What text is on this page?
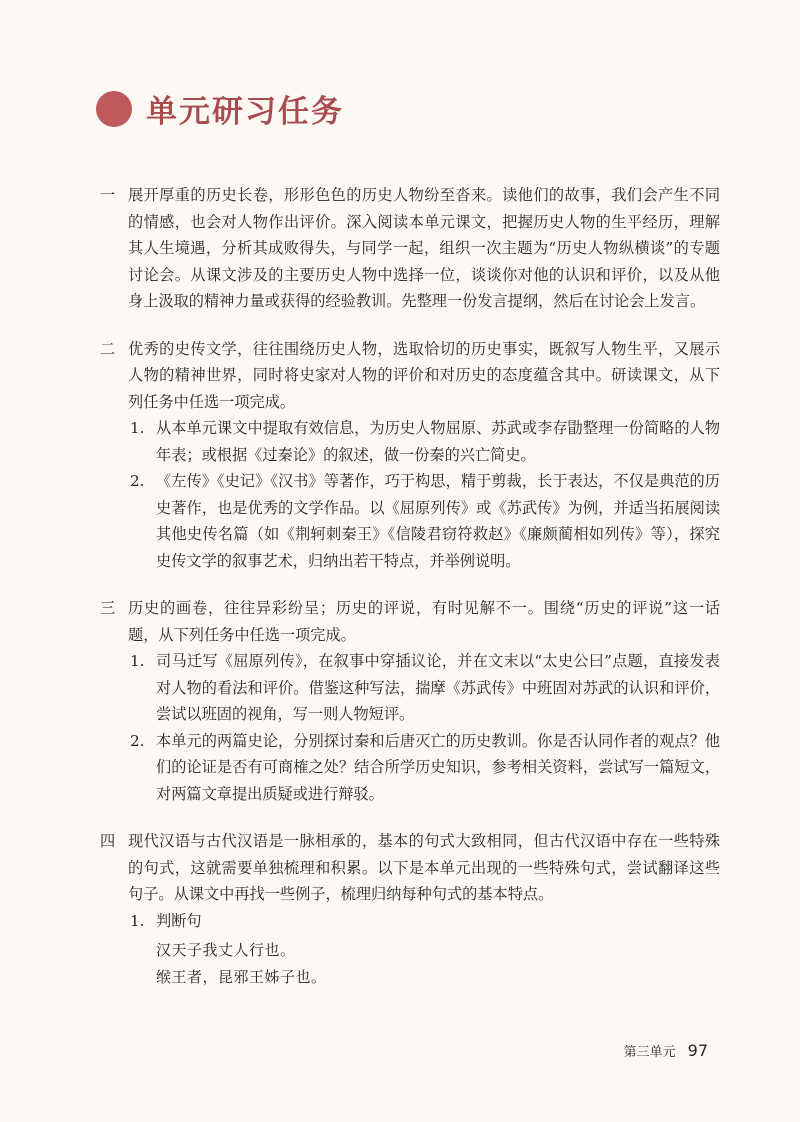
单元研习任务
一 展开厚重的历史长卷，形形色色的历史人物纷至沓来。读他们的故事，我们会产生不同的情感，也会对人物作出评价。深入阅读本单元课文，把握历史人物的生平经历，理解其人生境遇，分析其成败得失，与同学一起，组织一次主题为“历史人物纵横谈”的专题讨论会。从课文涉及的主要历史人物中选择一位，谈谈你对他的认识和评价，以及从他身上汲取的精神力量或获得的经验教训。先整理一份发言提纲，然后在讨论会上发言。
二 优秀的史传文学，往往围绕历史人物，选取恰切的历史事实，既叙写人物生平，又展示人物的精神世界，同时将史家对人物的评价和对历史的态度蕴含其中。研读课文，从下列任务中任选一项完成。
1. 从本单元课文中提取有效信息，为历史人物屈原、苏武或李存勖整理一份简略的人物年表；或根据《过秦论》的叙述，做一份秦的兴亡简史。
2. 《左传》《史记》《汉书》等著作，巧于构思，精于剪裁，长于表达，不仅是典范的历史著作，也是优秀的文学作品。以《屈原列传》或《苏武传》为例，并适当拓展阅读其他史传名篇（如《荆轲刺秦王》《信陵君窃符救赵》《廉颇蔺相如列传》等），探究史传文学的叙事艺术，归纳出若干特点，并举例说明。
三 历史的画卷，往往异彩纷呈；历史的评说，有时见解不一。围绕“历史的评说”这一话题，从下列任务中任选一项完成。
1. 司马迁写《屈原列传》，在叙事中穿插议论，并在文末以“太史公曰”点题，直接发表对人物的看法和评价。借鉴这种写法，揣摩《苏武传》中班固对苏武的认识和评价，尝试以班固的视角，写一则人物短评。
2. 本单元的两篇史论，分别探讨秦和后唐灭亡的历史教训。你是否认同作者的观点？他们的论证是否有可商榷之处？结合所学历史知识，参考相关资料，尝试写一篇短文，对两篇文章提出质疑或进行辩驳。
四 现代汉语与古代汉语是一脉相承的，基本的句式大致相同，但古代汉语中存在一些特殊的句式，这就需要单独梳理和积累。以下是本单元出现的一些特殊句式，尝试翻译这些句子。从课文中再找一些例子，梳理归纳每种句式的基本特点。
1. 判断句
汉天子我丈人行也。
缑王者，昆邪王姊子也。
第三单元 97
